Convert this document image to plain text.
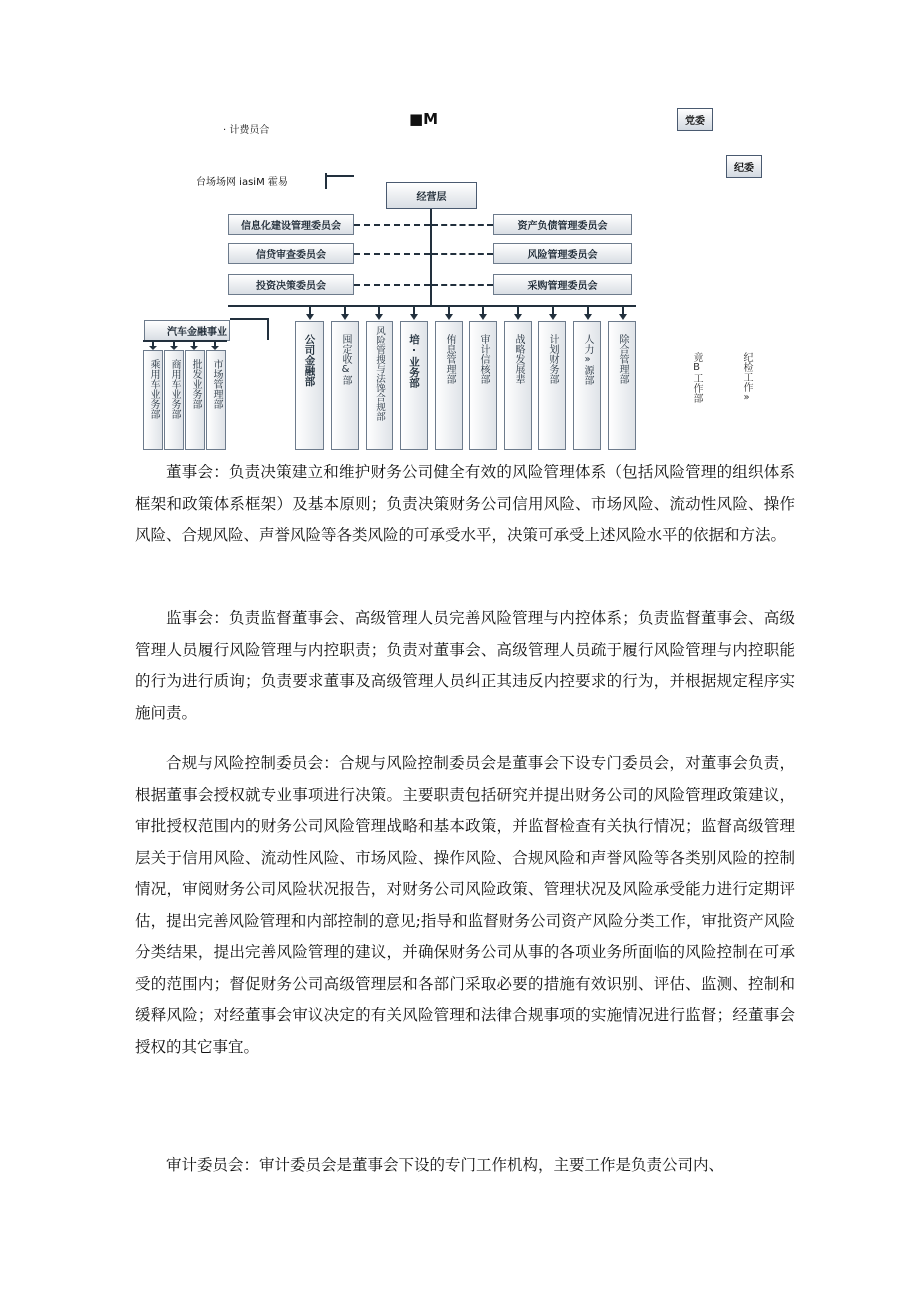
· 计费员合
■M
台场场网 iasiM 霍易
党委
纪委
经营层
信息化建设管理委员会
信贷审查委员会
投资决策委员会
资产负债管理委员会
风险管理委员会
采购管理委员会
公司金融部 囤定收&部 风险管搜与法馋合规部 培·业务部 侑息管理部 审计信核部 战略发展辈 计划财务部 人力»源部 除合管理部
汽车金融事业
乘用车业务部 商用车业务部 批发业务部 市场管理部	竟B工作部	纪检工作»

董事会：负责决策建立和维护财务公司健全有效的风险管理体系（包括风险管理的组织体系框架和政策体系框架）及基本原则；负责决策财务公司信用风险、市场风险、流动性风险、操作风险、合规风险、声誉风险等各类风险的可承受水平，决策可承受上述风险水平的依据和方法。

监事会：负责监督董事会、高级管理人员完善风险管理与内控体系；负责监督董事会、高级管理人员履行风险管理与内控职责；负责对董事会、高级管理人员疏于履行风险管理与内控职能的行为进行质询；负责要求董事及高级管理人员纠正其违反内控要求的行为，并根据规定程序实施问责。

合规与风险控制委员会：合规与风险控制委员会是董事会下设专门委员会，对董事会负责，根据董事会授权就专业事项进行决策。主要职责包括研究并提出财务公司的风险管理政策建议，审批授权范围内的财务公司风险管理战略和基本政策，并监督检查有关执行情况；监督高级管理层关于信用风险、流动性风险、市场风险、操作风险、合规风险和声誉风险等各类别风险的控制情况，审阅财务公司风险状况报告，对财务公司风险政策、管理状况及风险承受能力进行定期评估，提出完善风险管理和内部控制的意见;指导和监督财务公司资产风险分类工作，审批资产风险分类结果，提出完善风险管理的建议，并确保财务公司从事的各项业务所面临的风险控制在可承受的范围内；督促财务公司高级管理层和各部门采取必要的措施有效识别、评估、监测、控制和缓释风险；对经董事会审议决定的有关风险管理和法律合规事项的实施情况进行监督；经董事会授权的其它事宜。

审计委员会：审计委员会是董事会下设的专门工作机构，主要工作是负责公司内、
